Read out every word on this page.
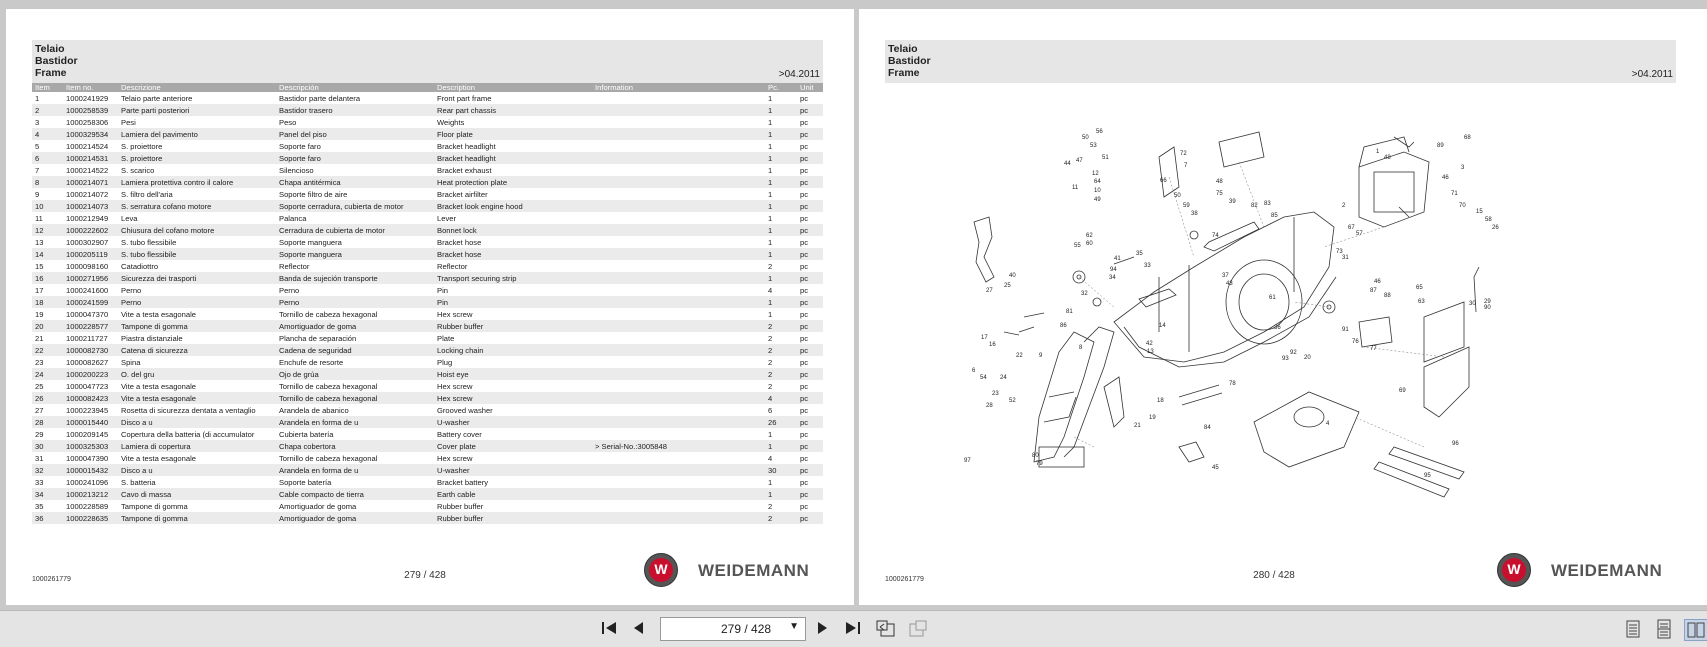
Telaio
Bastidor
Frame	>04.2011
Item	Item no.	Descrizione	Descripción	Description	Information	Pc.	Unit
1	1000241929	Telaio parte anteriore	Bastidor parte delantera	Front part frame		1	pc
2	1000258539	Parte parti posteriori	Bastidor trasero	Rear part chassis		1	pc
3	1000258306	Pesi	Peso	Weights		1	pc
4	1000329534	Lamiera del pavimento	Panel del piso	Floor plate		1	pc
5	1000214524	S. proiettore	Soporte faro	Bracket headlight		1	pc
6	1000214531	S. proiettore	Soporte faro	Bracket headlight		1	pc
7	1000214522	S. scarico	Silencioso	Bracket exhaust		1	pc
8	1000214071	Lamiera protettiva contro il calore	Chapa antitérmica	Heat protection plate		1	pc
9	1000214072	S. filtro dell'aria	Soporte filtro de aire	Bracket airfilter		1	pc
10	1000214073	S. serratura cofano motore	Soporte cerradura, cubierta de motor	Bracket look engine hood		1	pc
11	1000212949	Leva	Palanca	Lever		1	pc
12	1000222602	Chiusura del cofano motore	Cerradura de cubierta de motor	Bonnet lock		1	pc
13	1000302907	S. tubo flessibile	Soporte manguera	Bracket hose		1	pc
14	1000205119	S. tubo flessibile	Soporte manguera	Bracket hose		1	pc
15	1000098160	Catadiottro	Reflector	Reflector		2	pc
16	1000271956	Sicurezza dei trasporti	Banda de sujeción transporte	Transport securing strip		1	pc
17	1000241600	Perno	Perno	Pin		4	pc
18	1000241599	Perno	Perno	Pin		1	pc
19	1000047370	Vite a testa esagonale	Tornillo de cabeza hexagonal	Hex screw		1	pc
20	1000228577	Tampone di gomma	Amortiguador de goma	Rubber buffer		2	pc
21	1000211727	Piastra distanziale	Plancha de separación	Plate		2	pc
22	1000082730	Catena di sicurezza	Cadena de seguridad	Locking chain		2	pc
23	1000082627	Spina	Enchufe de resorte	Plug		2	pc
24	1000200223	O. del gru	Ojo de grúa	Hoist eye		2	pc
25	1000047723	Vite a testa esagonale	Tornillo de cabeza hexagonal	Hex screw		2	pc
26	1000082423	Vite a testa esagonale	Tornillo de cabeza hexagonal	Hex screw		4	pc
27	1000223945	Rosetta di sicurezza dentata a ventaglio	Arandela de abanico	Grooved washer		6	pc
28	1000015440	Disco a u	Arandela en forma de u	U-washer		26	pc
29	1000209145	Copertura della batteria (di accumulator	Cubierta batería	Battery cover		1	pc
30	1000325303	Lamiera di copertura	Chapa cobertora	Cover plate	> Serial-No.:3005848	1	pc
31	1000047390	Vite a testa esagonale	Tornillo de cabeza hexagonal	Hex screw		4	pc
32	1000015432	Disco a u	Arandela en forma de u	U-washer		30	pc
33	1000241096	S. batteria	Soporte batería	Bracket battery		1	pc
34	1000213212	Cavo di massa	Cable compacto de tierra	Earth cable		1	pc
35	1000228589	Tampone di gomma	Amortiguador de goma	Rubber buffer		2	pc
36	1000228635	Tampone di gomma	Amortiguador de goma	Rubber buffer		2	pc
1000261779	279 / 428	W	WEIDEMANN
Telaio
Bastidor
Frame	>04.2011
50
56
53
51
68
89
1
44 47
11
12
64
10
49
66
72
7
50
48
75
48
46
3
71
70
15
58
26
27
25
40
32
41
35
94
34
55
62
60
59
38
39
82 83
85
31
73
74
2
67
57
46
87	65
63	30 29
90
91
76
77
92
93
78
4
69
95
96
97
80
79
28
23
24
22
21
19
18
17
16
9
8
6
54
52
37
43
42
13
14
20
33
36
61
81
84
86
88
45
1000261779	280 / 428	W	WEIDEMANN
279 / 428 ▼
